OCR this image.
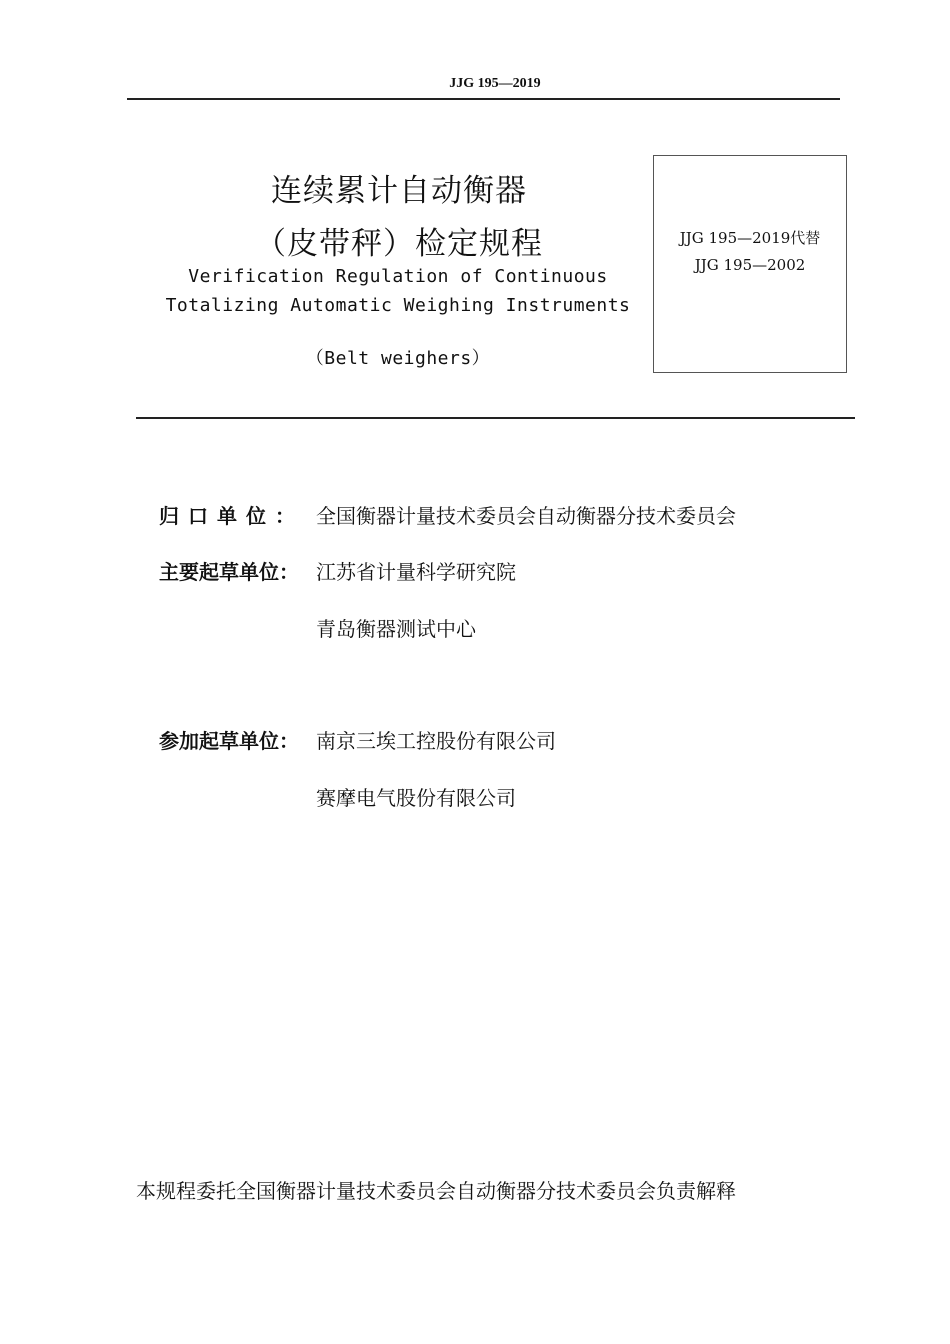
JJG 195—2019
连续累计自动衡器
（皮带秤）检定规程
Verification Regulation of Continuous
Totalizing Automatic Weighing Instruments
（Belt weighers）
JJG 195—2019代替
JJG 195—2002
归口单位： 全国衡器计量技术委员会自动衡器分技术委员会
主要起草单位： 江苏省计量科学研究院
青岛衡器测试中心
参加起草单位： 南京三埃工控股份有限公司
赛摩电气股份有限公司
本规程委托全国衡器计量技术委员会自动衡器分技术委员会负责解释
